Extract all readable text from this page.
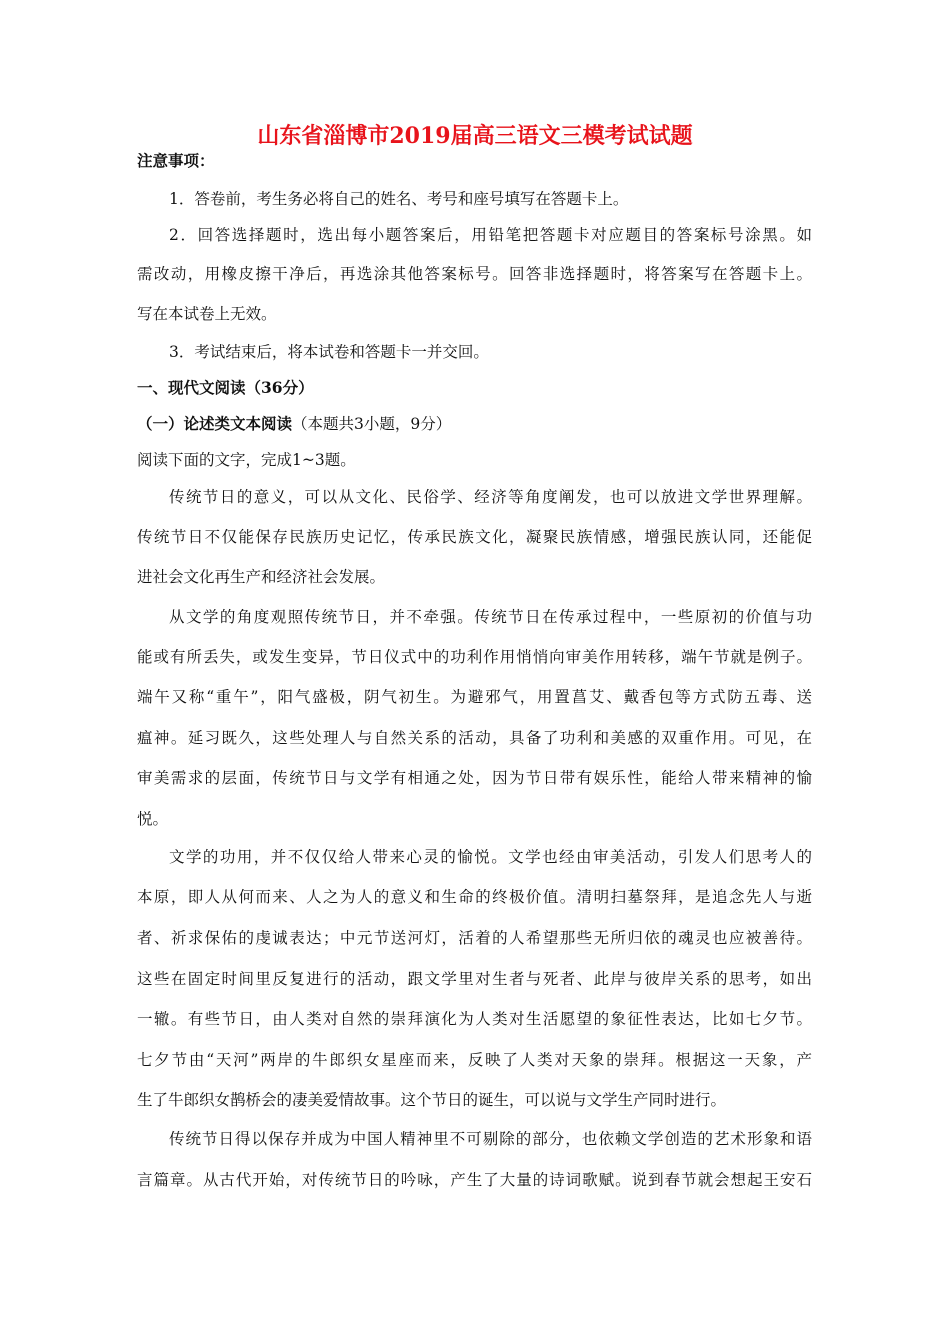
山东省淄博市2019届高三语文三模考试试题
注意事项：
1．答卷前，考生务必将自己的姓名、考号和座号填写在答题卡上。
2．回答选择题时，选出每小题答案后，用铅笔把答题卡对应题目的答案标号涂黑。如
需改动，用橡皮擦干净后，再选涂其他答案标号。回答非选择题时，将答案写在答题卡上。
写在本试卷上无效。
3．考试结束后，将本试卷和答题卡一并交回。
一、现代文阅读（36分）
（一）论述类文本阅读（本题共3小题，9分）
阅读下面的文字，完成1~3题。
传统节日的意义，可以从文化、民俗学、经济等角度阐发，也可以放进文学世界理解。
传统节日不仅能保存民族历史记忆，传承民族文化，凝聚民族情感，增强民族认同，还能促
进社会文化再生产和经济社会发展。
从文学的角度观照传统节日，并不牵强。传统节日在传承过程中，一些原初的价值与功
能或有所丢失，或发生变异，节日仪式中的功利作用悄悄向审美作用转移，端午节就是例子。
端午又称“重午”，阳气盛极，阴气初生。为避邪气，用置菖艾、戴香包等方式防五毒、送
瘟神。延习既久，这些处理人与自然关系的活动，具备了功利和美感的双重作用。可见，在
审美需求的层面，传统节日与文学有相通之处，因为节日带有娱乐性，能给人带来精神的愉
悦。
文学的功用，并不仅仅给人带来心灵的愉悦。文学也经由审美活动，引发人们思考人的
本原，即人从何而来、人之为人的意义和生命的终极价值。清明扫墓祭拜，是追念先人与逝
者、祈求保佑的虔诚表达；中元节送河灯，活着的人希望那些无所归依的魂灵也应被善待。
这些在固定时间里反复进行的活动，跟文学里对生者与死者、此岸与彼岸关系的思考，如出
一辙。有些节日，由人类对自然的崇拜演化为人类对生活愿望的象征性表达，比如七夕节。
七夕节由“天河”两岸的牛郎织女星座而来，反映了人类对天象的崇拜。根据这一天象，产
生了牛郎织女鹊桥会的凄美爱情故事。这个节日的诞生，可以说与文学生产同时进行。
传统节日得以保存并成为中国人精神里不可剔除的部分，也依赖文学创造的艺术形象和语
言篇章。从古代开始，对传统节日的吟咏，产生了大量的诗词歌赋。说到春节就会想起王安石
